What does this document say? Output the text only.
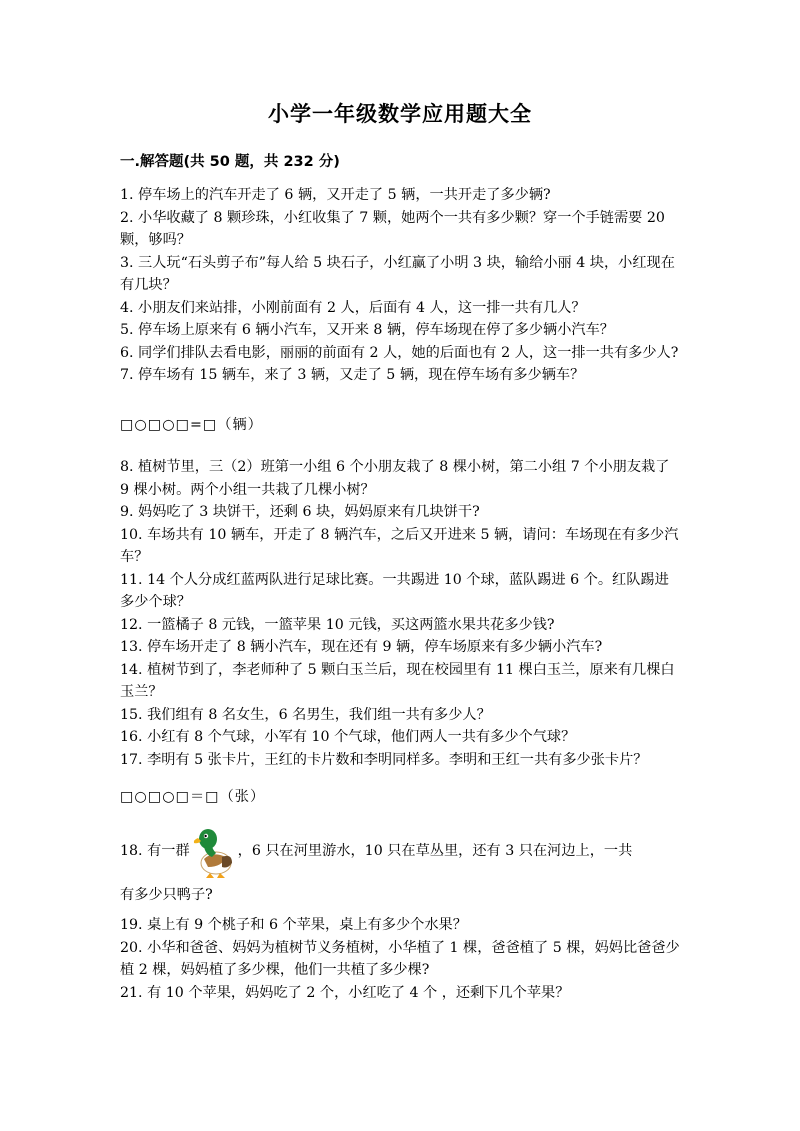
小学一年级数学应用题大全
一.解答题(共 50 题，共 232 分)

1. 停车场上的汽车开走了 6 辆，又开走了 5 辆，一共开走了多少辆?

2. 小华收藏了 8 颗珍珠，小红收集了 7 颗，她两个一共有多少颗？穿一个手链需要 20 颗，够吗？

3. 三人玩“石头剪子布”每人给 5 块石子，小红赢了小明 3 块，输给小丽 4 块，小红现在有几块？

4. 小朋友们来站排，小刚前面有 2 人，后面有 4 人，这一排一共有几人？

5. 停车场上原来有 6 辆小汽车，又开来 8 辆，停车场现在停了多少辆小汽车？

6. 同学们排队去看电影，丽丽的前面有 2 人，她的后面也有 2 人，这一排一共有多少人?

7. 停车场有 15 辆车，来了 3 辆，又走了 5 辆，现在停车场有多少辆车？

□○□○□=□（辆）

8. 植树节里，三（2）班第一小组 6 个小朋友栽了 8 棵小树，第二小组 7 个小朋友栽了 9 棵小树。两个小组一共栽了几棵小树？

9. 妈妈吃了 3 块饼干，还剩 6 块，妈妈原来有几块饼干?

10. 车场共有 10 辆车，开走了 8 辆汽车，之后又开进来 5 辆，请问：车场现在有多少汽车？

11. 14 个人分成红蓝两队进行足球比赛。一共踢进 10 个球，蓝队踢进 6 个。红队踢进多少个球？

12. 一篮橘子 8 元钱，一篮苹果 10 元钱，买这两篮水果共花多少钱?

13. 停车场开走了 8 辆小汽车，现在还有 9 辆，停车场原来有多少辆小汽车?

14. 植树节到了，李老师种了 5 颗白玉兰后，现在校园里有 11 棵白玉兰，原来有几棵白玉兰？

15. 我们组有 8 名女生，6 名男生，我们组一共有多少人？

16. 小红有 8 个气球，小军有 10 个气球，他们两人一共有多少个气球？

17. 李明有 5 张卡片，王红的卡片数和李明同样多。李明和王红一共有多少张卡片？

□○□○□＝□（张）
18. 有一群	，6 只在河里游水，10 只在草丛里，还有 3 只在河边上，一共
有多少只鸭子?

19. 桌上有 9 个桃子和 6 个苹果，桌上有多少个水果？

20. 小华和爸爸、妈妈为植树节义务植树，小华植了 1 棵，爸爸植了 5 棵，妈妈比爸爸少植 2 棵，妈妈植了多少棵，他们一共植了多少棵?

21. 有 10 个苹果，妈妈吃了 2 个，小红吃了 4 个 ，还剩下几个苹果？
